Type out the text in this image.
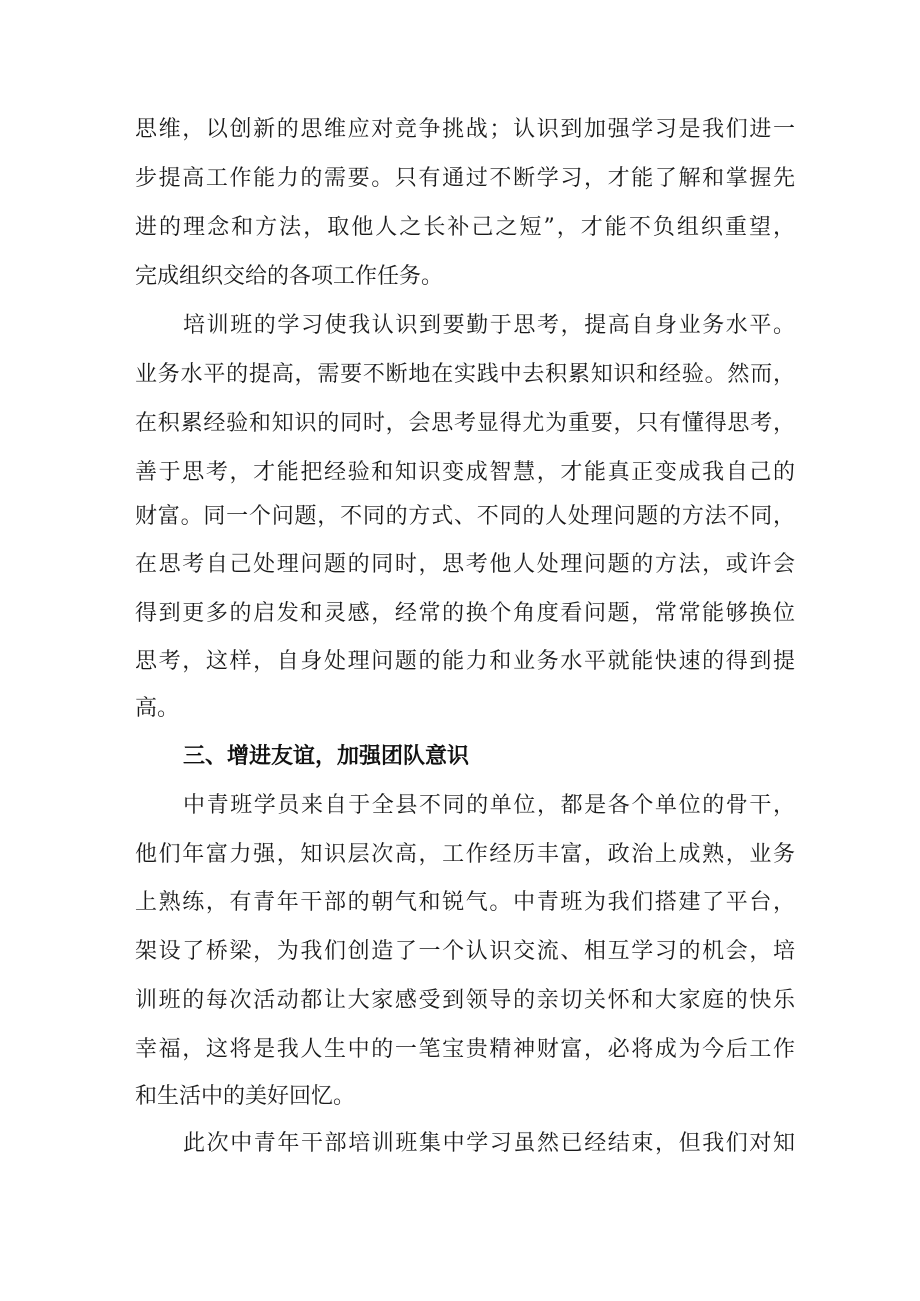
思维，以创新的思维应对竞争挑战；认识到加强学习是我们进一
步提高工作能力的需要。只有通过不断学习，才能了解和掌握先
进的理念和方法，取他人之长补己之短”，才能不负组织重望，
完成组织交给的各项工作任务。
培训班的学习使我认识到要勤于思考，提高自身业务水平。
业务水平的提高，需要不断地在实践中去积累知识和经验。然而，
在积累经验和知识的同时，会思考显得尤为重要，只有懂得思考，
善于思考，才能把经验和知识变成智慧，才能真正变成我自己的
财富。同一个问题，不同的方式、不同的人处理问题的方法不同，
在思考自己处理问题的同时，思考他人处理问题的方法，或许会
得到更多的启发和灵感，经常的换个角度看问题，常常能够换位
思考，这样，自身处理问题的能力和业务水平就能快速的得到提
高。
三、增进友谊，加强团队意识
中青班学员来自于全县不同的单位，都是各个单位的骨干，
他们年富力强，知识层次高，工作经历丰富，政治上成熟，业务
上熟练，有青年干部的朝气和锐气。中青班为我们搭建了平台，
架设了桥梁，为我们创造了一个认识交流、相互学习的机会，培
训班的每次活动都让大家感受到领导的亲切关怀和大家庭的快乐
幸福，这将是我人生中的一笔宝贵精神财富，必将成为今后工作
和生活中的美好回忆。
此次中青年干部培训班集中学习虽然已经结束，但我们对知
